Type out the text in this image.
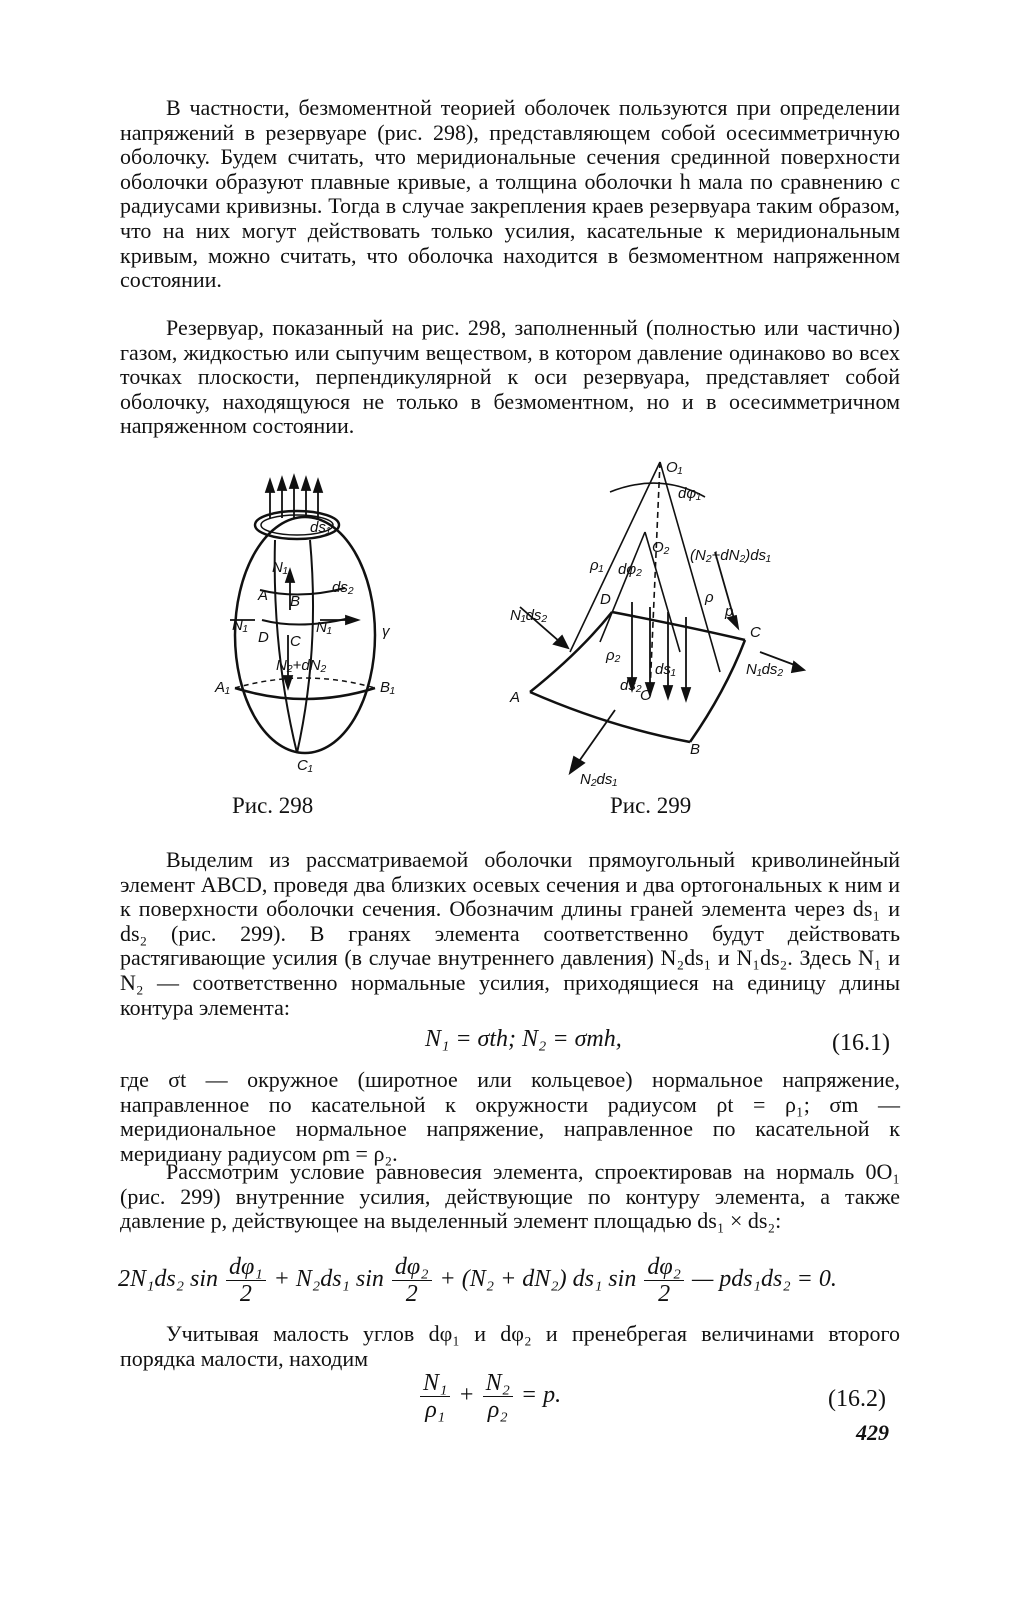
В частности, безмоментной теорией оболочек пользуются при определении напряжений в резервуаре (рис. 298), представляющем собой осесимметричную оболочку. Будем считать, что меридиональные сечения срединной поверхности оболочки образуют плавные кривые, а толщина оболочки h мала по сравнению с радиусами кривизны. Тогда в случае закрепления краев резервуара таким образом, что на них могут действовать только усилия, касательные к меридиональным кривым, можно считать, что оболочка находится в безмоментном напряженном состоянии.
Резервуар, показанный на рис. 298, заполненный (полностью или частично) газом, жидкостью или сыпучим веществом, в котором давление одинаково во всех точках плоскости, перпендикулярной к оси резервуара, представляет собой оболочку, находящуюся не только в безмоментном, но и в осесимметричном напряженном состоянии.
ds₁
N₁
ds₂
A B
N₁	N₁
D C
γ
N₂+dN₂
A₁	B₁
C₁
Рис. 298
O₁
dφ₁
O₂ (N₂+dN₂)ds₁
ρ₁ dφ₂
D
N₁ds₂
ρ
p
C
N₁ds₂
ρ₂
ds₁
ds₂
O
A
B
N₂ds₁
Рис. 299
Выделим из рассматриваемой оболочки прямоугольный криволинейный элемент ABCD, проведя два близких осевых сечения и два ортогональных к ним и к поверхности оболочки сечения. Обозначим длины граней элемента через ds₁ и ds₂ (рис. 299). В гранях элемента соответственно будут действовать растягивающие усилия (в случае внутреннего давления) N₂ds₁ и N₁ds₂. Здесь N₁ и N₂ — соответственно нормальные усилия, приходящиеся на единицу длины контура элемента:
N₁ = σth; N₂ = σmh,	(16.1)
где σt — окружное (широтное или кольцевое) нормальное напряжение, направленное по касательной к окружности радиусом ρt = ρ₁; σm — меридиональное нормальное напряжение, направленное по касательной к меридиану радиусом ρm = ρ₂.
Рассмотрим условие равновесия элемента, спроектировав на нормаль 0O₁ (рис. 299) внутренние усилия, действующие по контуру элемента, а также давление p, действующее на выделенный элемент площадью ds₁ × ds₂:
2N₁ds₂ $\sin \frac{\text{dφ₁}}{2} + N_2ds_1$ $\sin \frac{\text{dφ₂}}{2} + (N_2 + dN_2)$ ds₁ $\sin \frac{\text{dφ₂}}{2}$ — pds₁ds₂ = 0.
Учитывая малость углов dφ₁ и dφ₂ и пренебрегая величинами второго порядка малости, находим
$\frac{\text{N₁}}{\text{ρ₁}} + \frac{\text{N₂}}{\text{ρ₂}} = p$.	(16.2)
429
